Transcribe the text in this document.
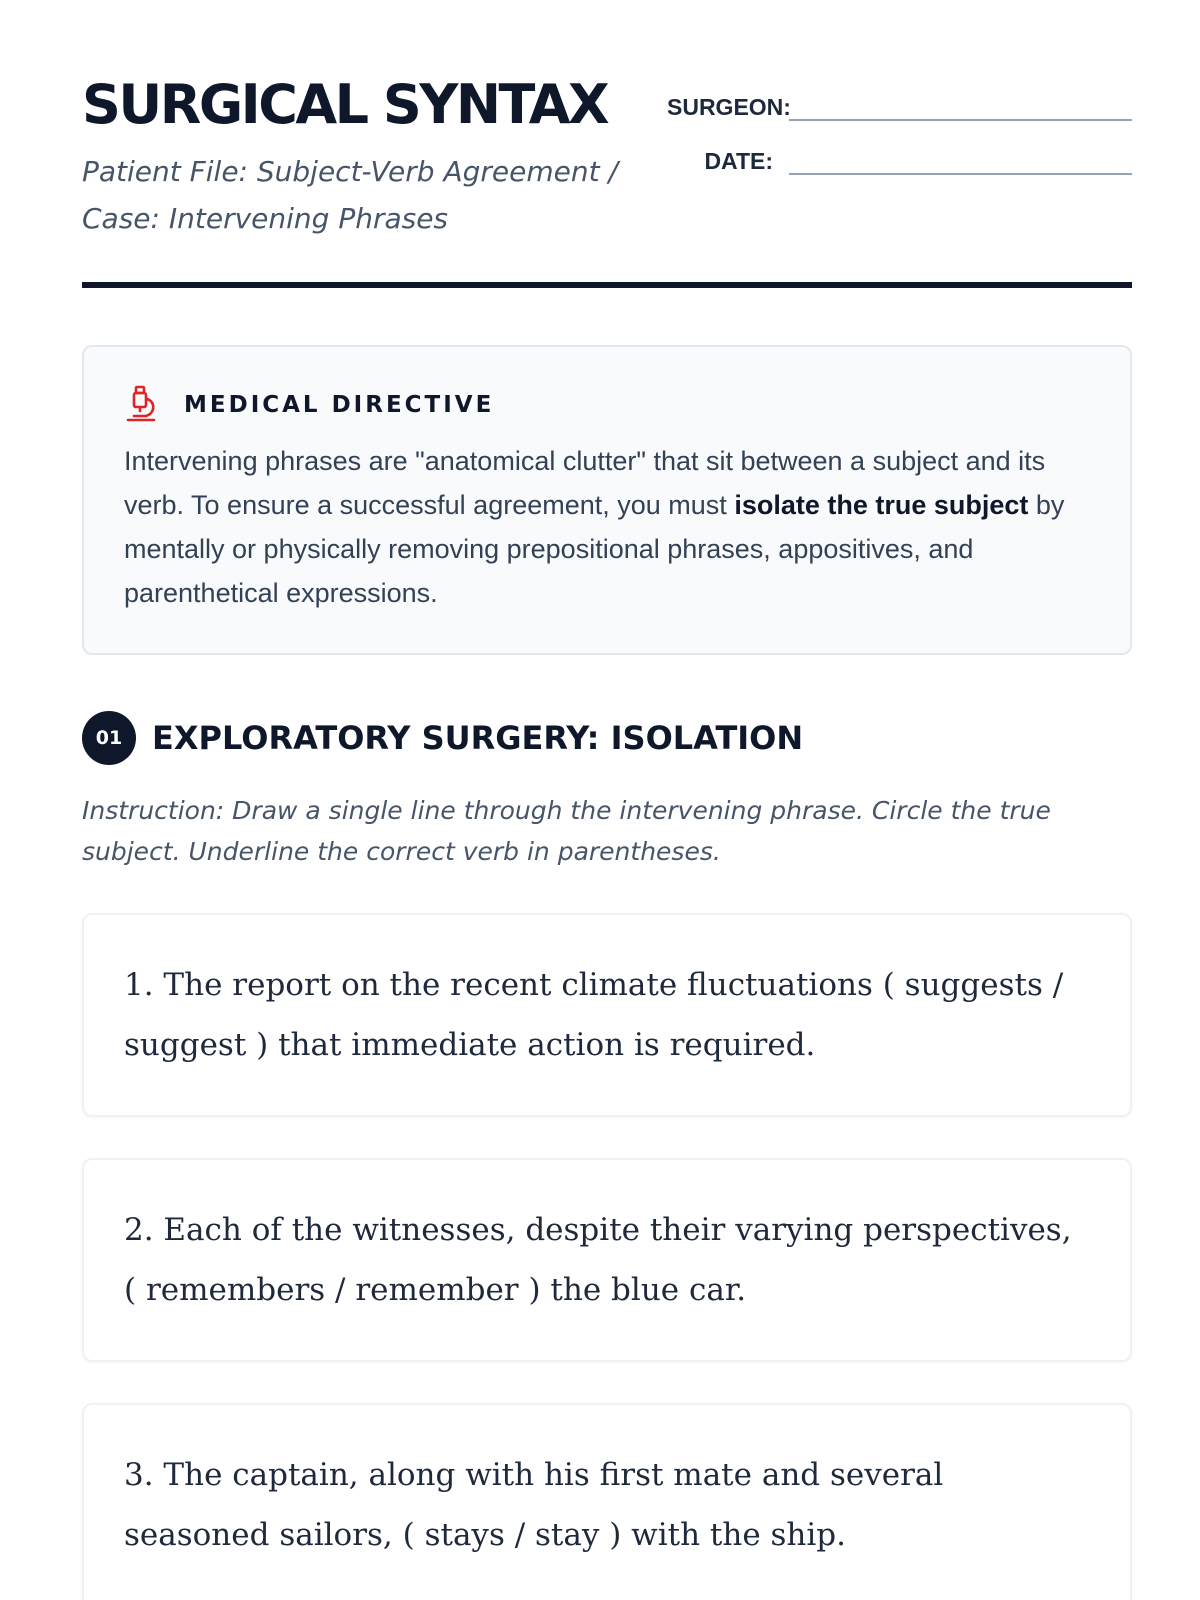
SURGICAL SYNTAX

Patient File: Subject-Verb Agreement / Case: Intervening Phrases

SURGEON:
DATE:
MEDICAL DIRECTIVE

Intervening phrases are "anatomical clutter" that sit between a subject and its verb. To ensure a successful agreement, you must isolate the true subject by mentally or physically removing prepositional phrases, appositives, and parenthetical expressions.

01 EXPLORATORY SURGERY: ISOLATION

Instruction: Draw a single line through the intervening phrase. Circle the true subject. Underline the correct verb in parentheses.

1. The report on the recent climate fluctuations ( suggests / suggest ) that immediate action is required.

2. Each of the witnesses, despite their varying perspectives, ( remembers / remember ) the blue car.

3. The captain, along with his first mate and several seasoned sailors, ( stays / stay ) with the ship.
